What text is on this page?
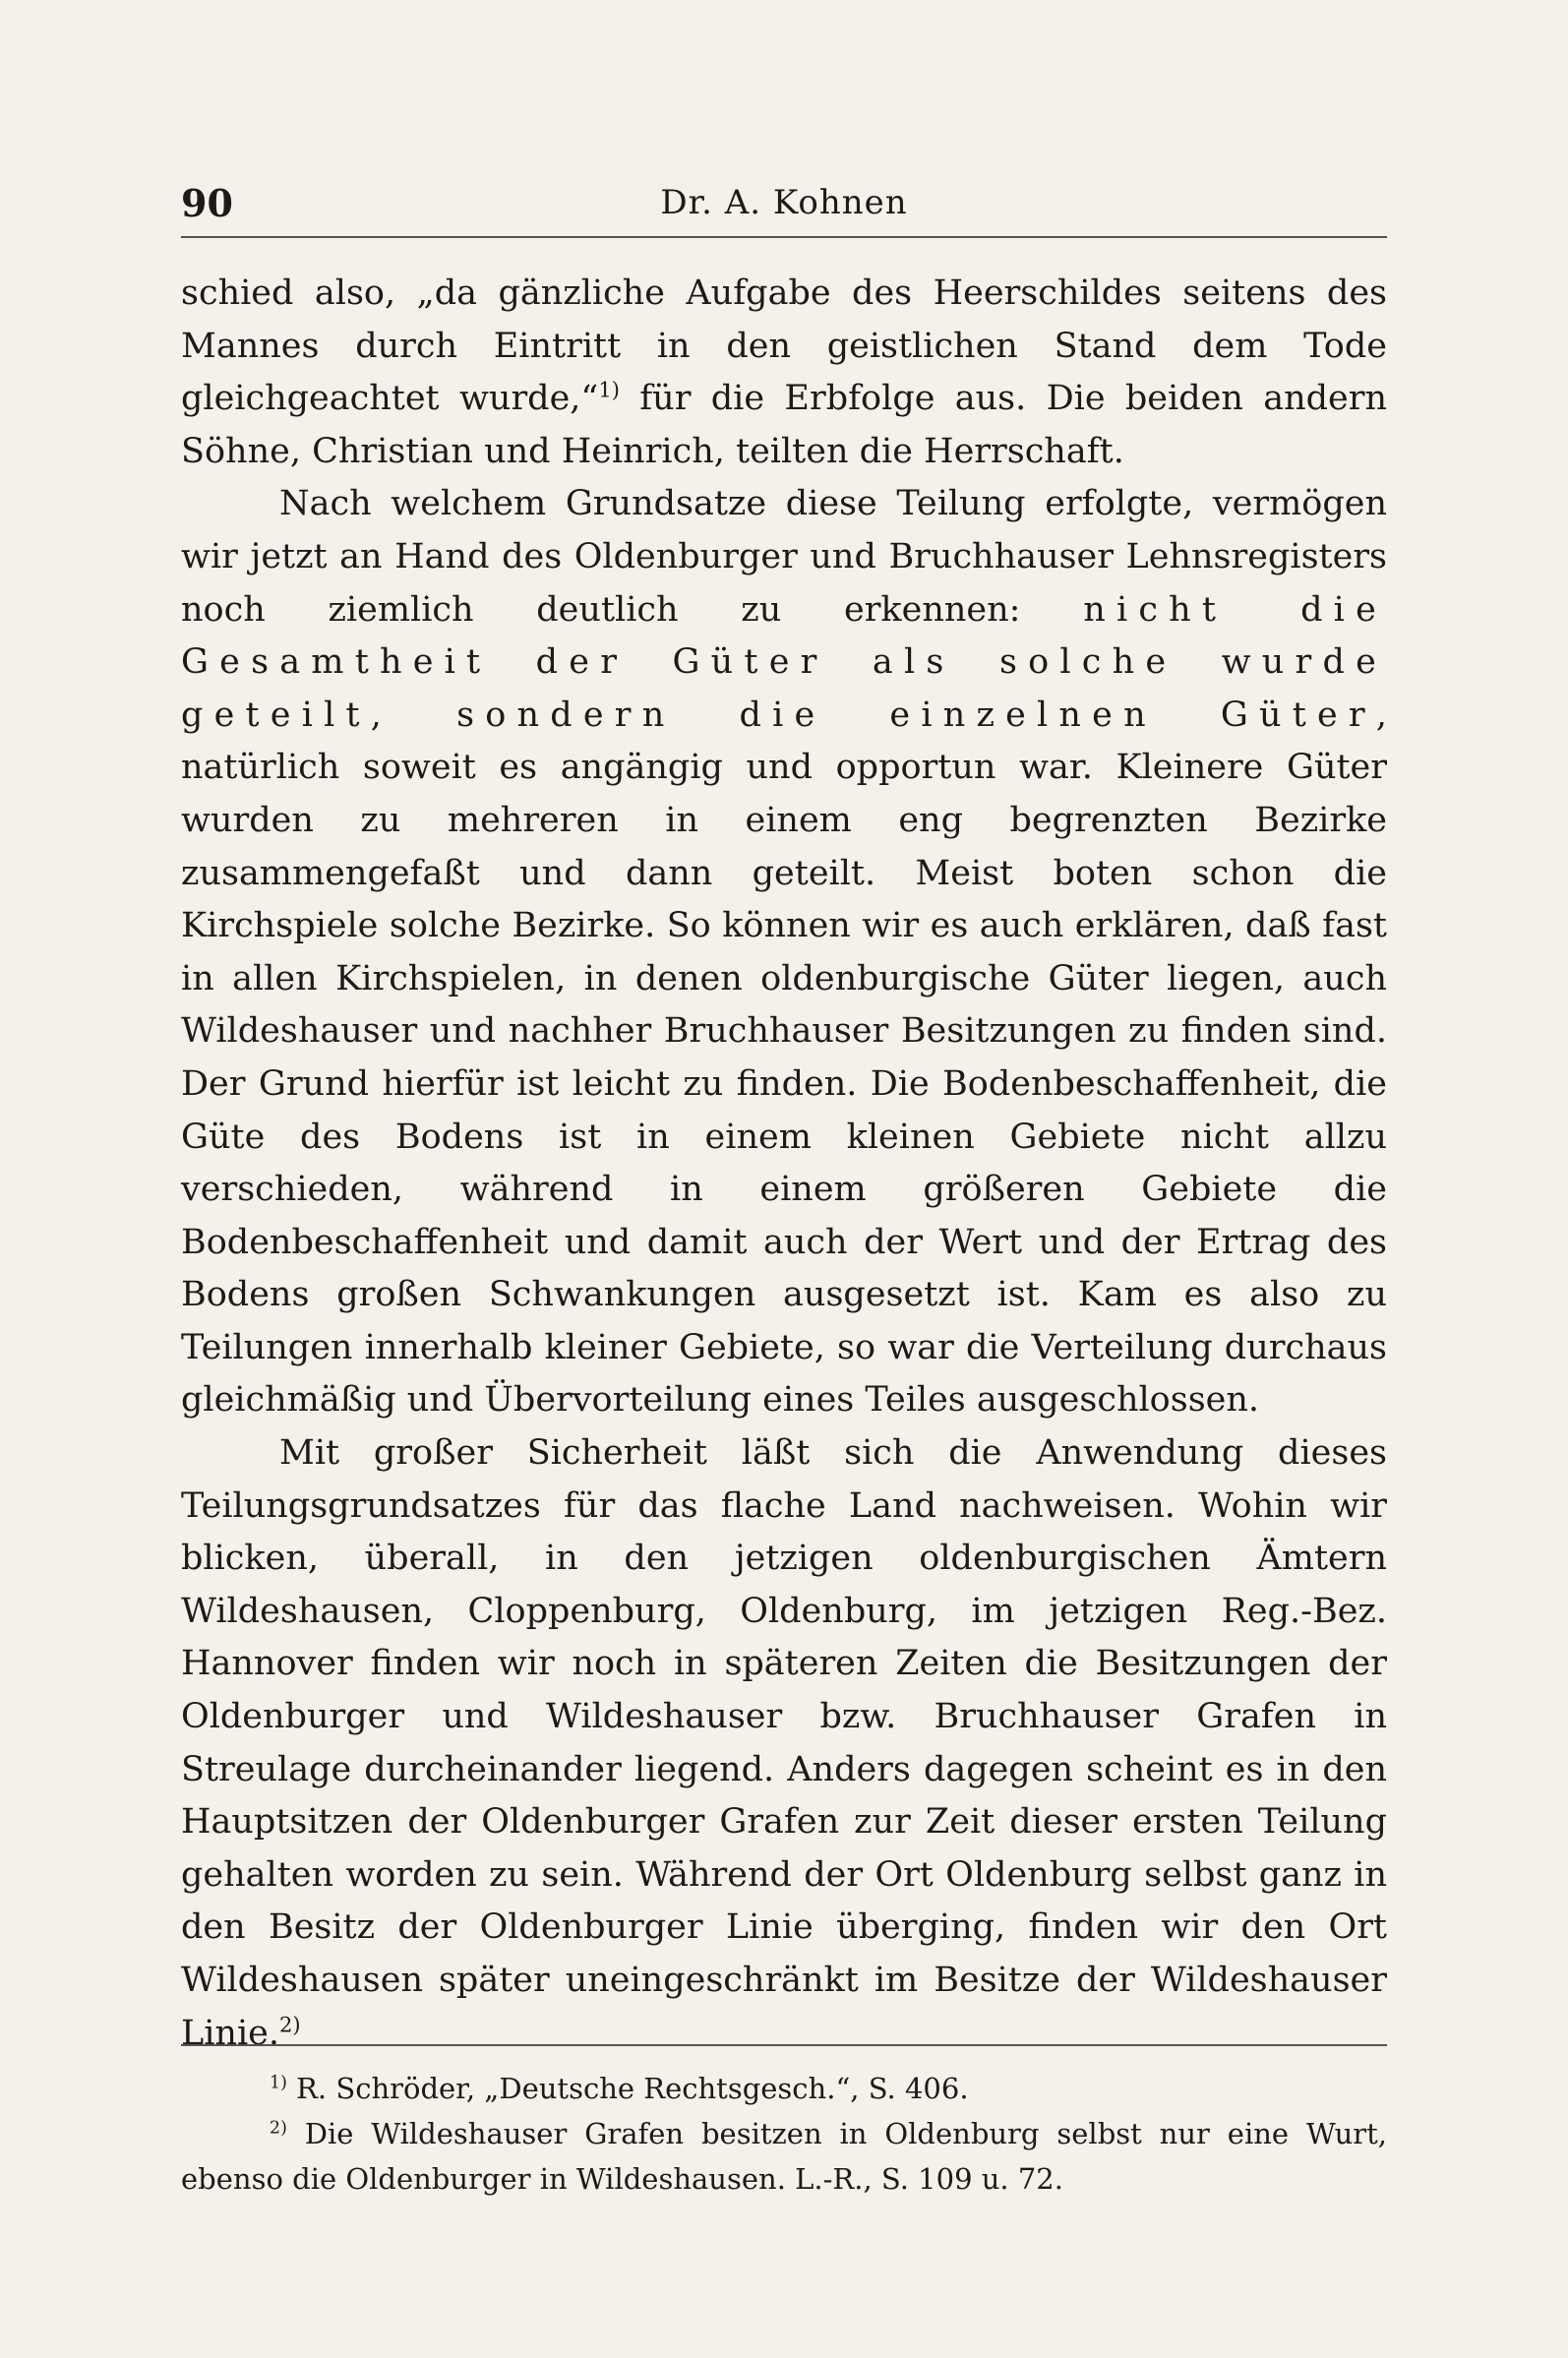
90	Dr. A. Kohnen

schied also, „da gänzliche Aufgabe des Heerschildes seitens des Mannes durch Eintritt in den geistlichen Stand dem Tode gleichgeachtet wurde,“$^{1)}$ für die Erbfolge aus. Die beiden andern Söhne, Christian und Heinrich, teilten die Herrschaft.

Nach welchem Grundsatze diese Teilung erfolgte, vermögen wir jetzt an Hand des Oldenburger und Bruchhauser Lehnsregisters noch ziemlich deutlich zu erkennen: nicht die Gesamtheit der Güter als solche wurde geteilt, sondern die einzelnen Güter, natürlich soweit es angängig und opportun war. Kleinere Güter wurden zu mehreren in einem eng begrenzten Bezirke zusammengefaßt und dann geteilt. Meist boten schon die Kirchspiele solche Bezirke. So können wir es auch erklären, daß fast in allen Kirchspielen, in denen oldenburgische Güter liegen, auch Wildeshauser und nachher Bruchhauser Besitzungen zu finden sind. Der Grund hierfür ist leicht zu finden. Die Bodenbeschaffenheit, die Güte des Bodens ist in einem kleinen Gebiete nicht allzu verschieden, während in einem größeren Gebiete die Bodenbeschaffenheit und damit auch der Wert und der Ertrag des Bodens großen Schwankungen ausgesetzt ist. Kam es also zu Teilungen innerhalb kleiner Gebiete, so war die Verteilung durchaus gleichmäßig und Übervorteilung eines Teiles ausgeschlossen.

Mit großer Sicherheit läßt sich die Anwendung dieses Teilungsgrundsatzes für das flache Land nachweisen. Wohin wir blicken, überall, in den jetzigen oldenburgischen Ämtern Wildeshausen, Cloppenburg, Oldenburg, im jetzigen Reg.-Bez. Hannover finden wir noch in späteren Zeiten die Besitzungen der Oldenburger und Wildeshauser bzw. Bruchhauser Grafen in Streulage durcheinander liegend. Anders dagegen scheint es in den Hauptsitzen der Oldenburger Grafen zur Zeit dieser ersten Teilung gehalten worden zu sein. Während der Ort Oldenburg selbst ganz in den Besitz der Oldenburger Linie überging, finden wir den Ort Wildeshausen später uneingeschränkt im Besitze der Wildeshauser Linie.$^{2)}$

$^{1)}$ R. Schröder, „Deutsche Rechtsgesch.“, S. 406.

$^{2)}$ Die Wildeshauser Grafen besitzen in Oldenburg selbst nur eine Wurt, ebenso die Oldenburger in Wildeshausen. L.-R., S. 109 u. 72.
